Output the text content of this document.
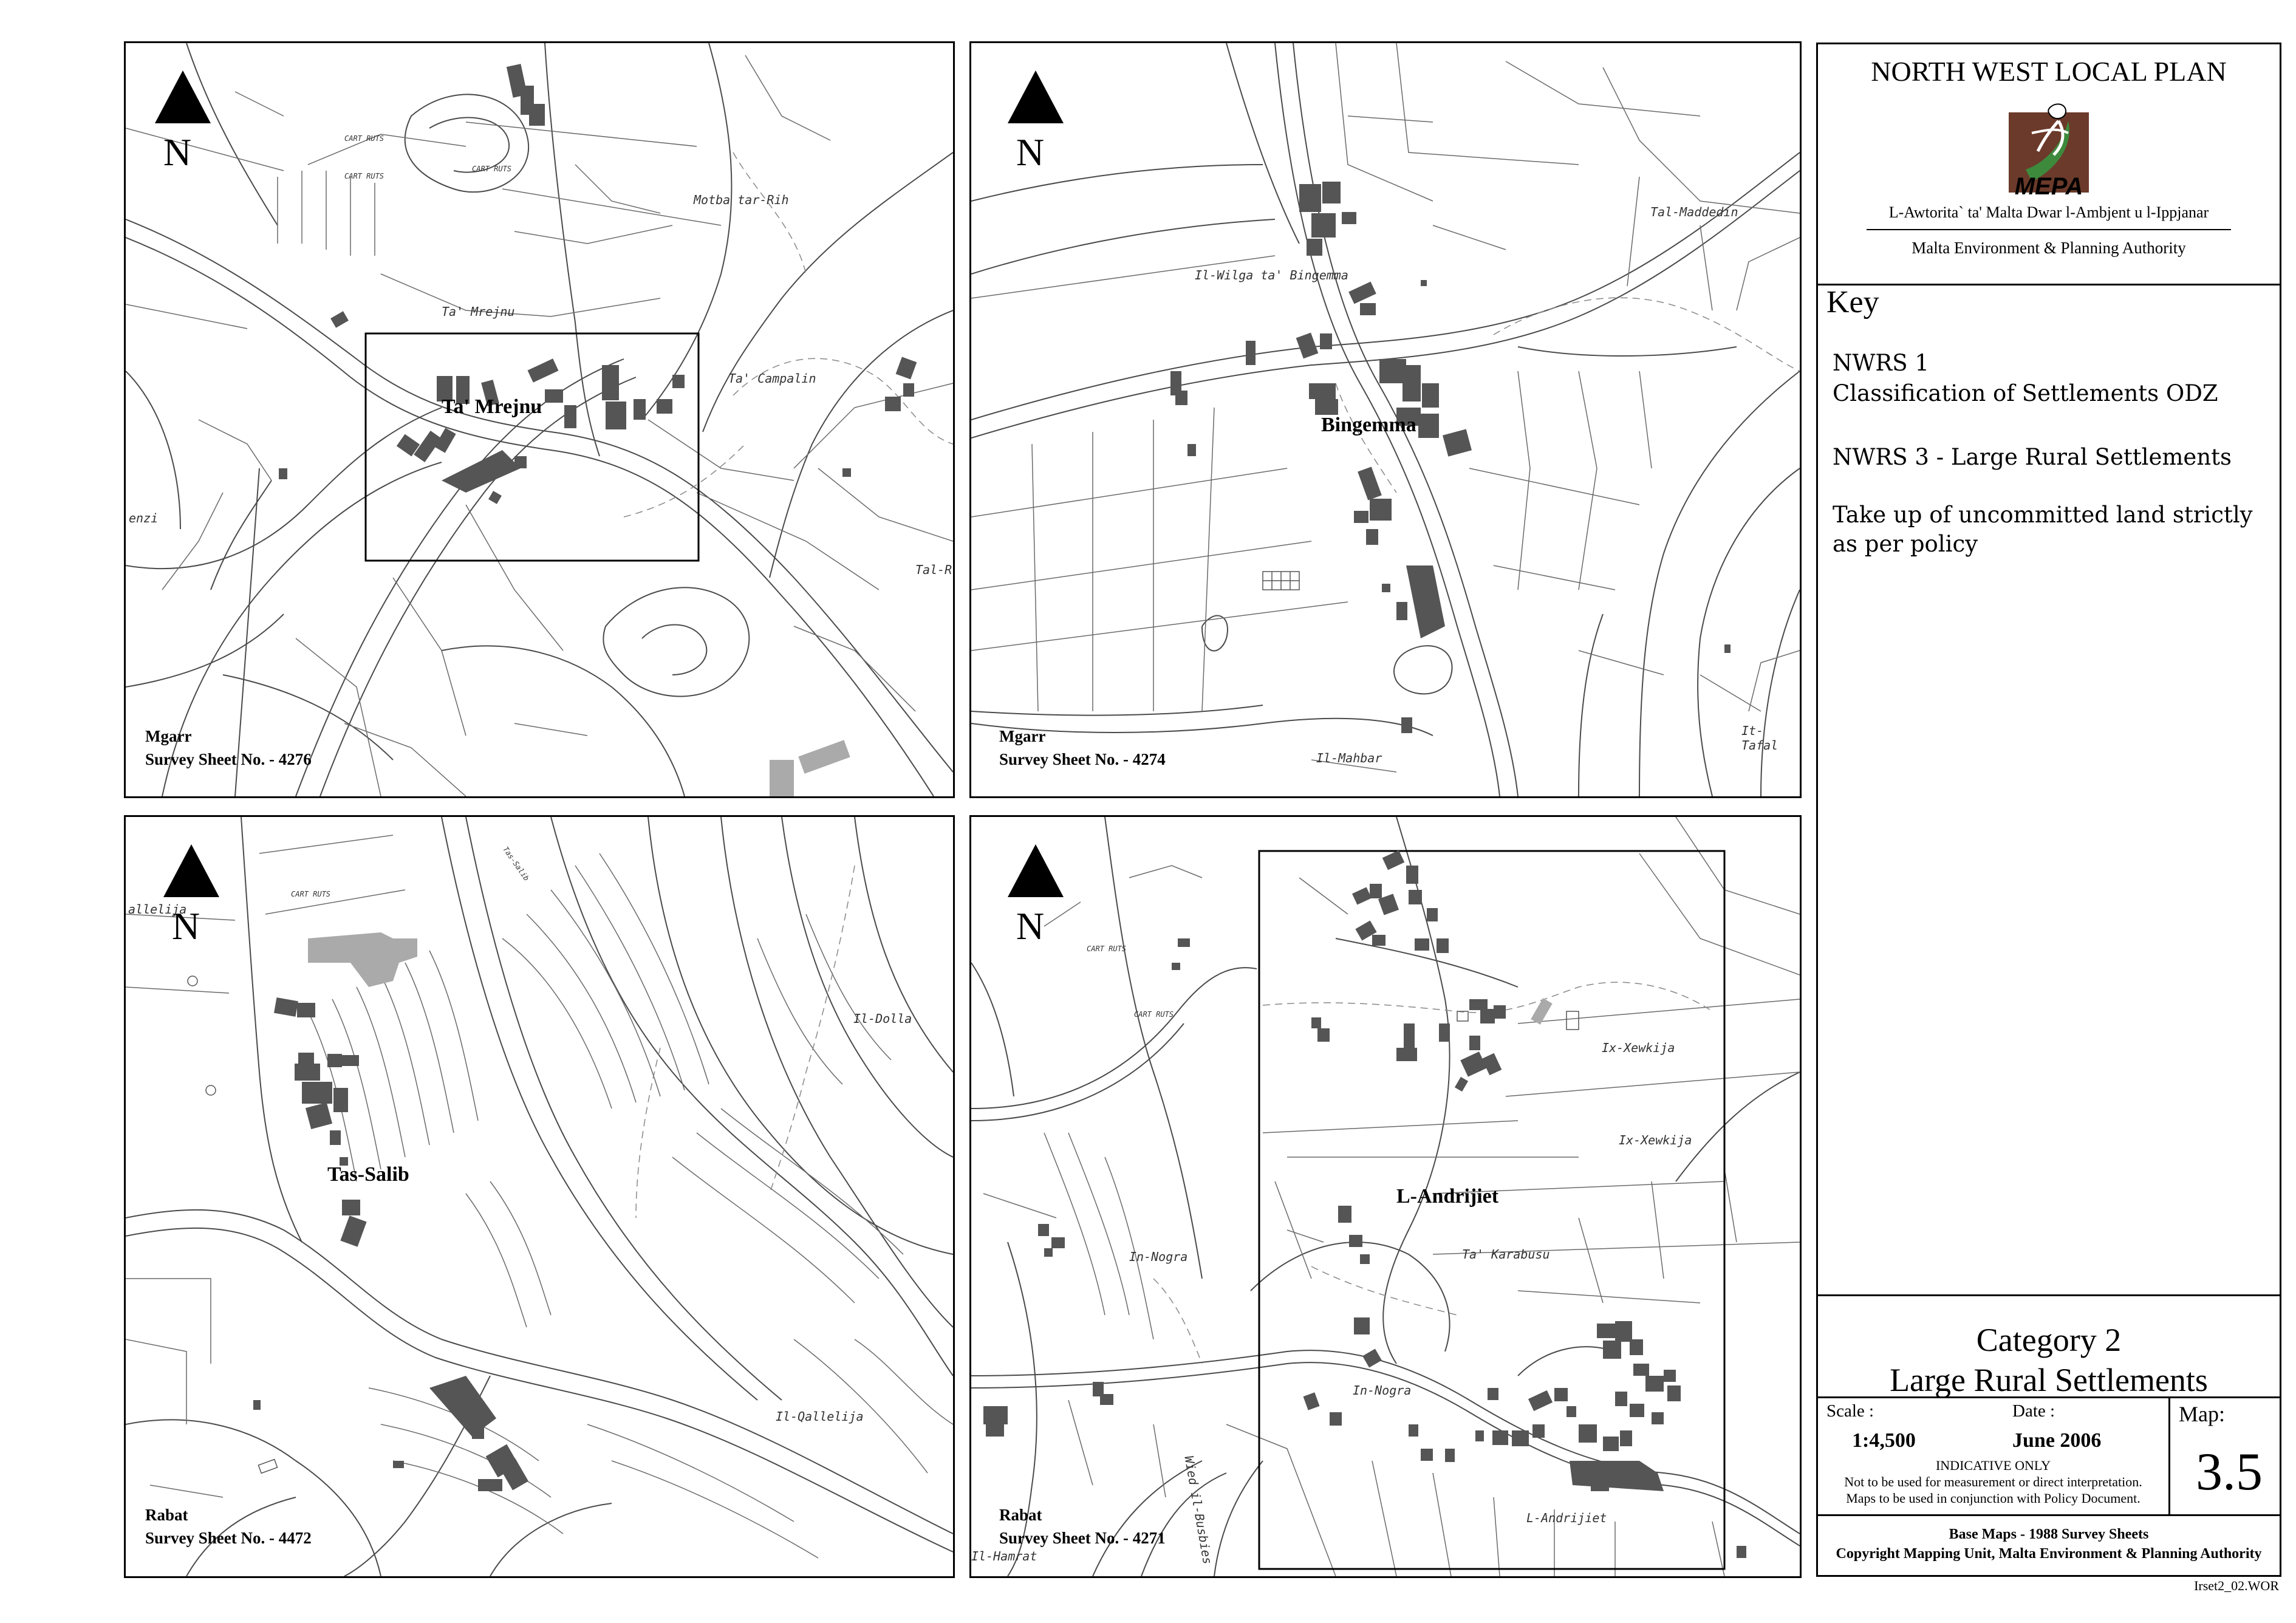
N
Ta' Mrejnu
CART RUTS
CART RUTS
CART RUTS
Motba tar-Rih
Ta' Mrejnu
Ta' Campalin
Tal-R
enzi
Mgarr
Survey Sheet No. - 4276
N
Bingemma
Tal-Maddedin
Il-Wilga ta' Bingemma
Il-Mahbar
It-Tafal
Mgarr
Survey Sheet No. - 4274
N
Tas-Salib
CART RUTS
Il-Dolla
Il-Qallelija
allelija
Tas-Salib
Rabat
Survey Sheet No. - 4472
N
L-Andrijiet
CART RUTS
CART RUTS
Ix-Xewkija
Ix-Xewkija
In-Nogra
In-Nogra
Ta' Karabusu
L-Andrijiet
Il-Hamrat	Wied il-Busbies
Rabat
Survey Sheet No. - 4271
NORTH WEST LOCAL PLAN
MEPA
L-Awtorita` ta' Malta Dwar l-Ambjent u l-Ippjanar
Malta Environment & Planning Authority
Key
NWRS 1
Classification of Settlements ODZ
NWRS 3 - Large Rural Settlements
Take up of uncommitted land strictly
as per policy
Category 2
Large Rural Settlements
Scale :
1:4,500
Date :
June 2006
INDICATIVE ONLY
Not to be used for measurement or direct interpretation.
Maps to be used in conjunction with Policy Document.
Map:
3.5
Base Maps - 1988 Survey Sheets
Copyright Mapping Unit, Malta Environment & Planning Authority
Irset2_02.WOR
